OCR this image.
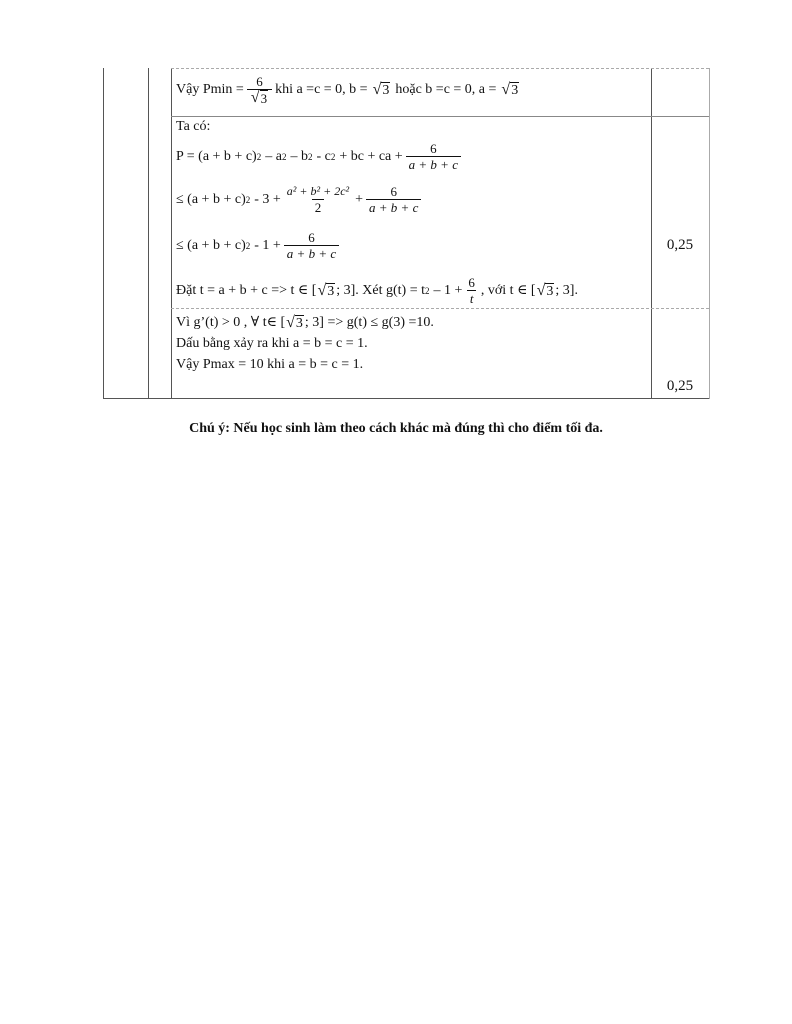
Vậy $Pmin = \frac{6}{√ 3}$ khi a =c = 0, b = √ 3 hoặc b =c = 0, a = √ 3
Ta có:
P = (a + b + c) 2 – a 2 – b 2 - c 2 + bc + ca + $\frac{6}{a + b + c}$
≤ (a + b + c) $2 - 3 + \frac{\text{a² + b² + 2c²}}{2} + \frac{6}{a + b + c}$
≤ (a + b + c) $2 - 1 + \frac{6}{a + b + c}$
Đặt t = a + b + c => t ∈ [ √ 3 ; 3]. Xét g(t) = t $2 - 1 + \frac{6}{t}$ , với t ∈ [ √ 3 ; 3].
0,25
Vì g’(t) > 0 , ∀ t∈ [ √ 3 ; 3] => g(t) ≤ g(3) =10.
Dấu bằng xảy ra khi a = b = c = 1.
Vậy Pmax = 10 khi a = b = c = 1.
0,25
Chú ý: Nếu học sinh làm theo cách khác mà đúng thì cho điểm tối đa.
